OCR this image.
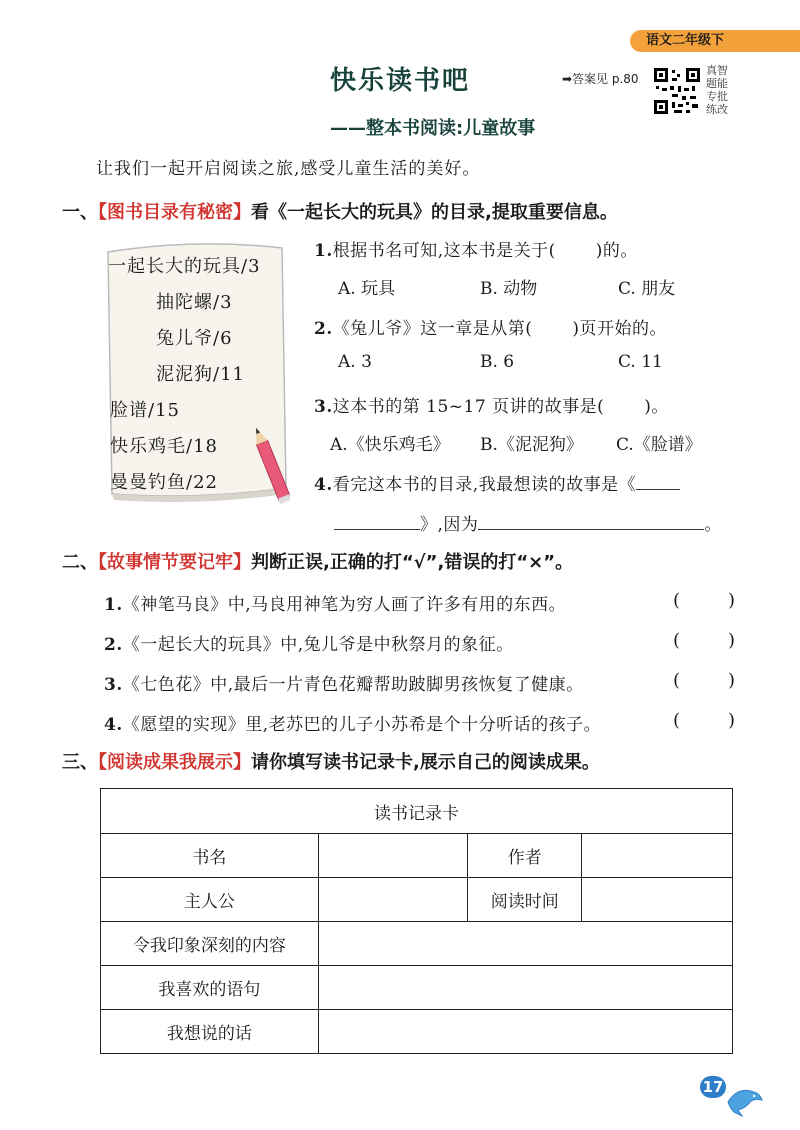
语文二年级下
快乐读书吧	➡答案见 p.80
真智题能专批练改
——整本书阅读:儿童故事
让我们一起开启阅读之旅,感受儿童生活的美好。
一、【图书目录有秘密】看《一起长大的玩具》的目录,提取重要信息。
一起长大的玩具/3
抽陀螺/3
兔儿爷/6
泥泥狗/11
脸谱/15
快乐鸡毛/18
曼曼钓鱼/22
1.根据书名可知,这本书是关于( )的。
A. 玩具	B. 动物	C. 朋友
2.《兔儿爷》这一章是从第( )页开始的。
A. 3	B. 6	C. 11
3.这本书的第 15~17 页讲的故事是( )。
A.《快乐鸡毛》 B.《泥泥狗》 C.《脸谱》
4.看完这本书的目录,我最想读的故事是《
》,因为	。
二、【故事情节要记牢】判断正误,正确的打“√”,错误的打“×”。
1.《神笔马良》中,马良用神笔为穷人画了许多有用的东西。	(	)
2.《一起长大的玩具》中,兔儿爷是中秋祭月的象征。	(	)
3.《七色花》中,最后一片青色花瓣帮助跛脚男孩恢复了健康。	(	)
4.《愿望的实现》里,老苏巴的儿子小苏希是个十分听话的孩子。	(	)
三、【阅读成果我展示】请你填写读书记录卡,展示自己的阅读成果。
读书记录卡			
书名		作者	
主人公		阅读时间	
令我印象深刻的内容			
我喜欢的语句			
我想说的话			
17
